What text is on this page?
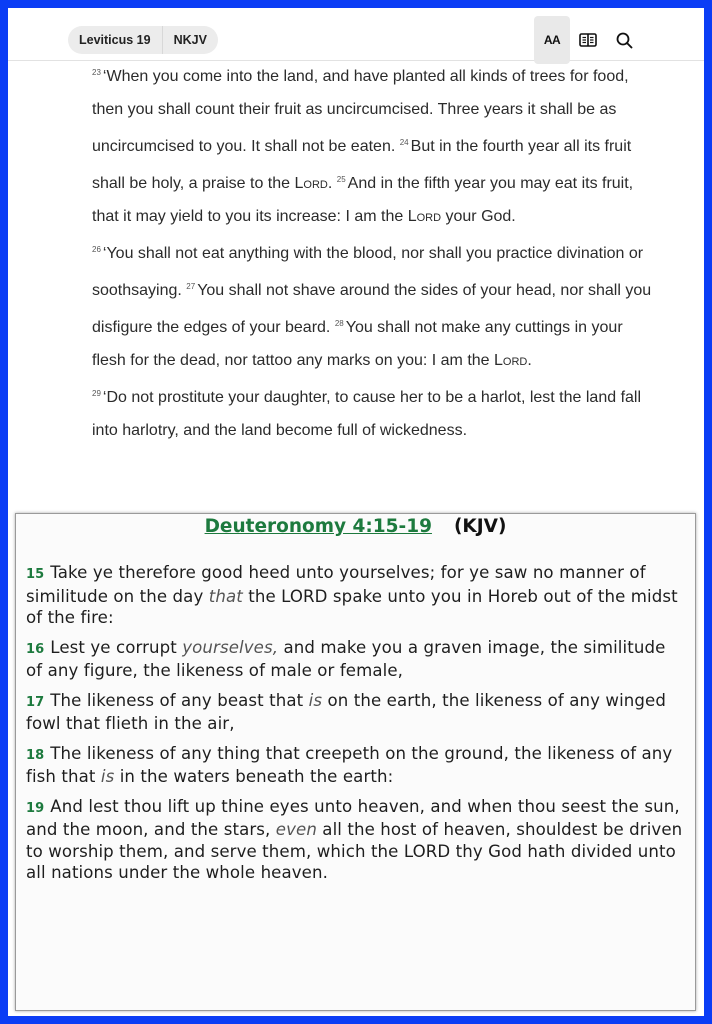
Leviticus 19	NKJV	AA

$^{23}$ ‘When you come into the land, and have planted all kinds of trees for food, then you shall count their fruit as uncircumcised. Three years it shall be as uncircumcised to you. It shall not be eaten. $^{24}$ But in the fourth year all its fruit shall be holy, a praise to the Lord. $^{25}$ And in the fifth year you may eat its fruit, that it may yield to you its increase: I am the Lord your God.

$^{26}$ ‘You shall not eat anything with the blood, nor shall you practice divination or soothsaying. $^{27}$ You shall not shave around the sides of your head, nor shall you disfigure the edges of your beard. $^{28}$ You shall not make any cuttings in your flesh for the dead, nor tattoo any marks on you: I am the Lord.

$^{29}$ ‘Do not prostitute your daughter, to cause her to be a harlot, lest the land fall into harlotry, and the land become full of wickedness.

Deuteronomy 4:15-19 (KJV)

15 Take ye therefore good heed unto yourselves; for ye saw no manner of similitude on the day that the LORD spake unto you in Horeb out of the midst of the fire:

16 Lest ye corrupt yourselves, and make you a graven image, the similitude of any figure, the likeness of male or female,

17 The likeness of any beast that is on the earth, the likeness of any winged fowl that flieth in the air,

18 The likeness of any thing that creepeth on the ground, the likeness of any fish that is in the waters beneath the earth:

19 And lest thou lift up thine eyes unto heaven, and when thou seest the sun, and the moon, and the stars, even all the host of heaven, shouldest be driven to worship them, and serve them, which the LORD thy God hath divided unto all nations under the whole heaven.
